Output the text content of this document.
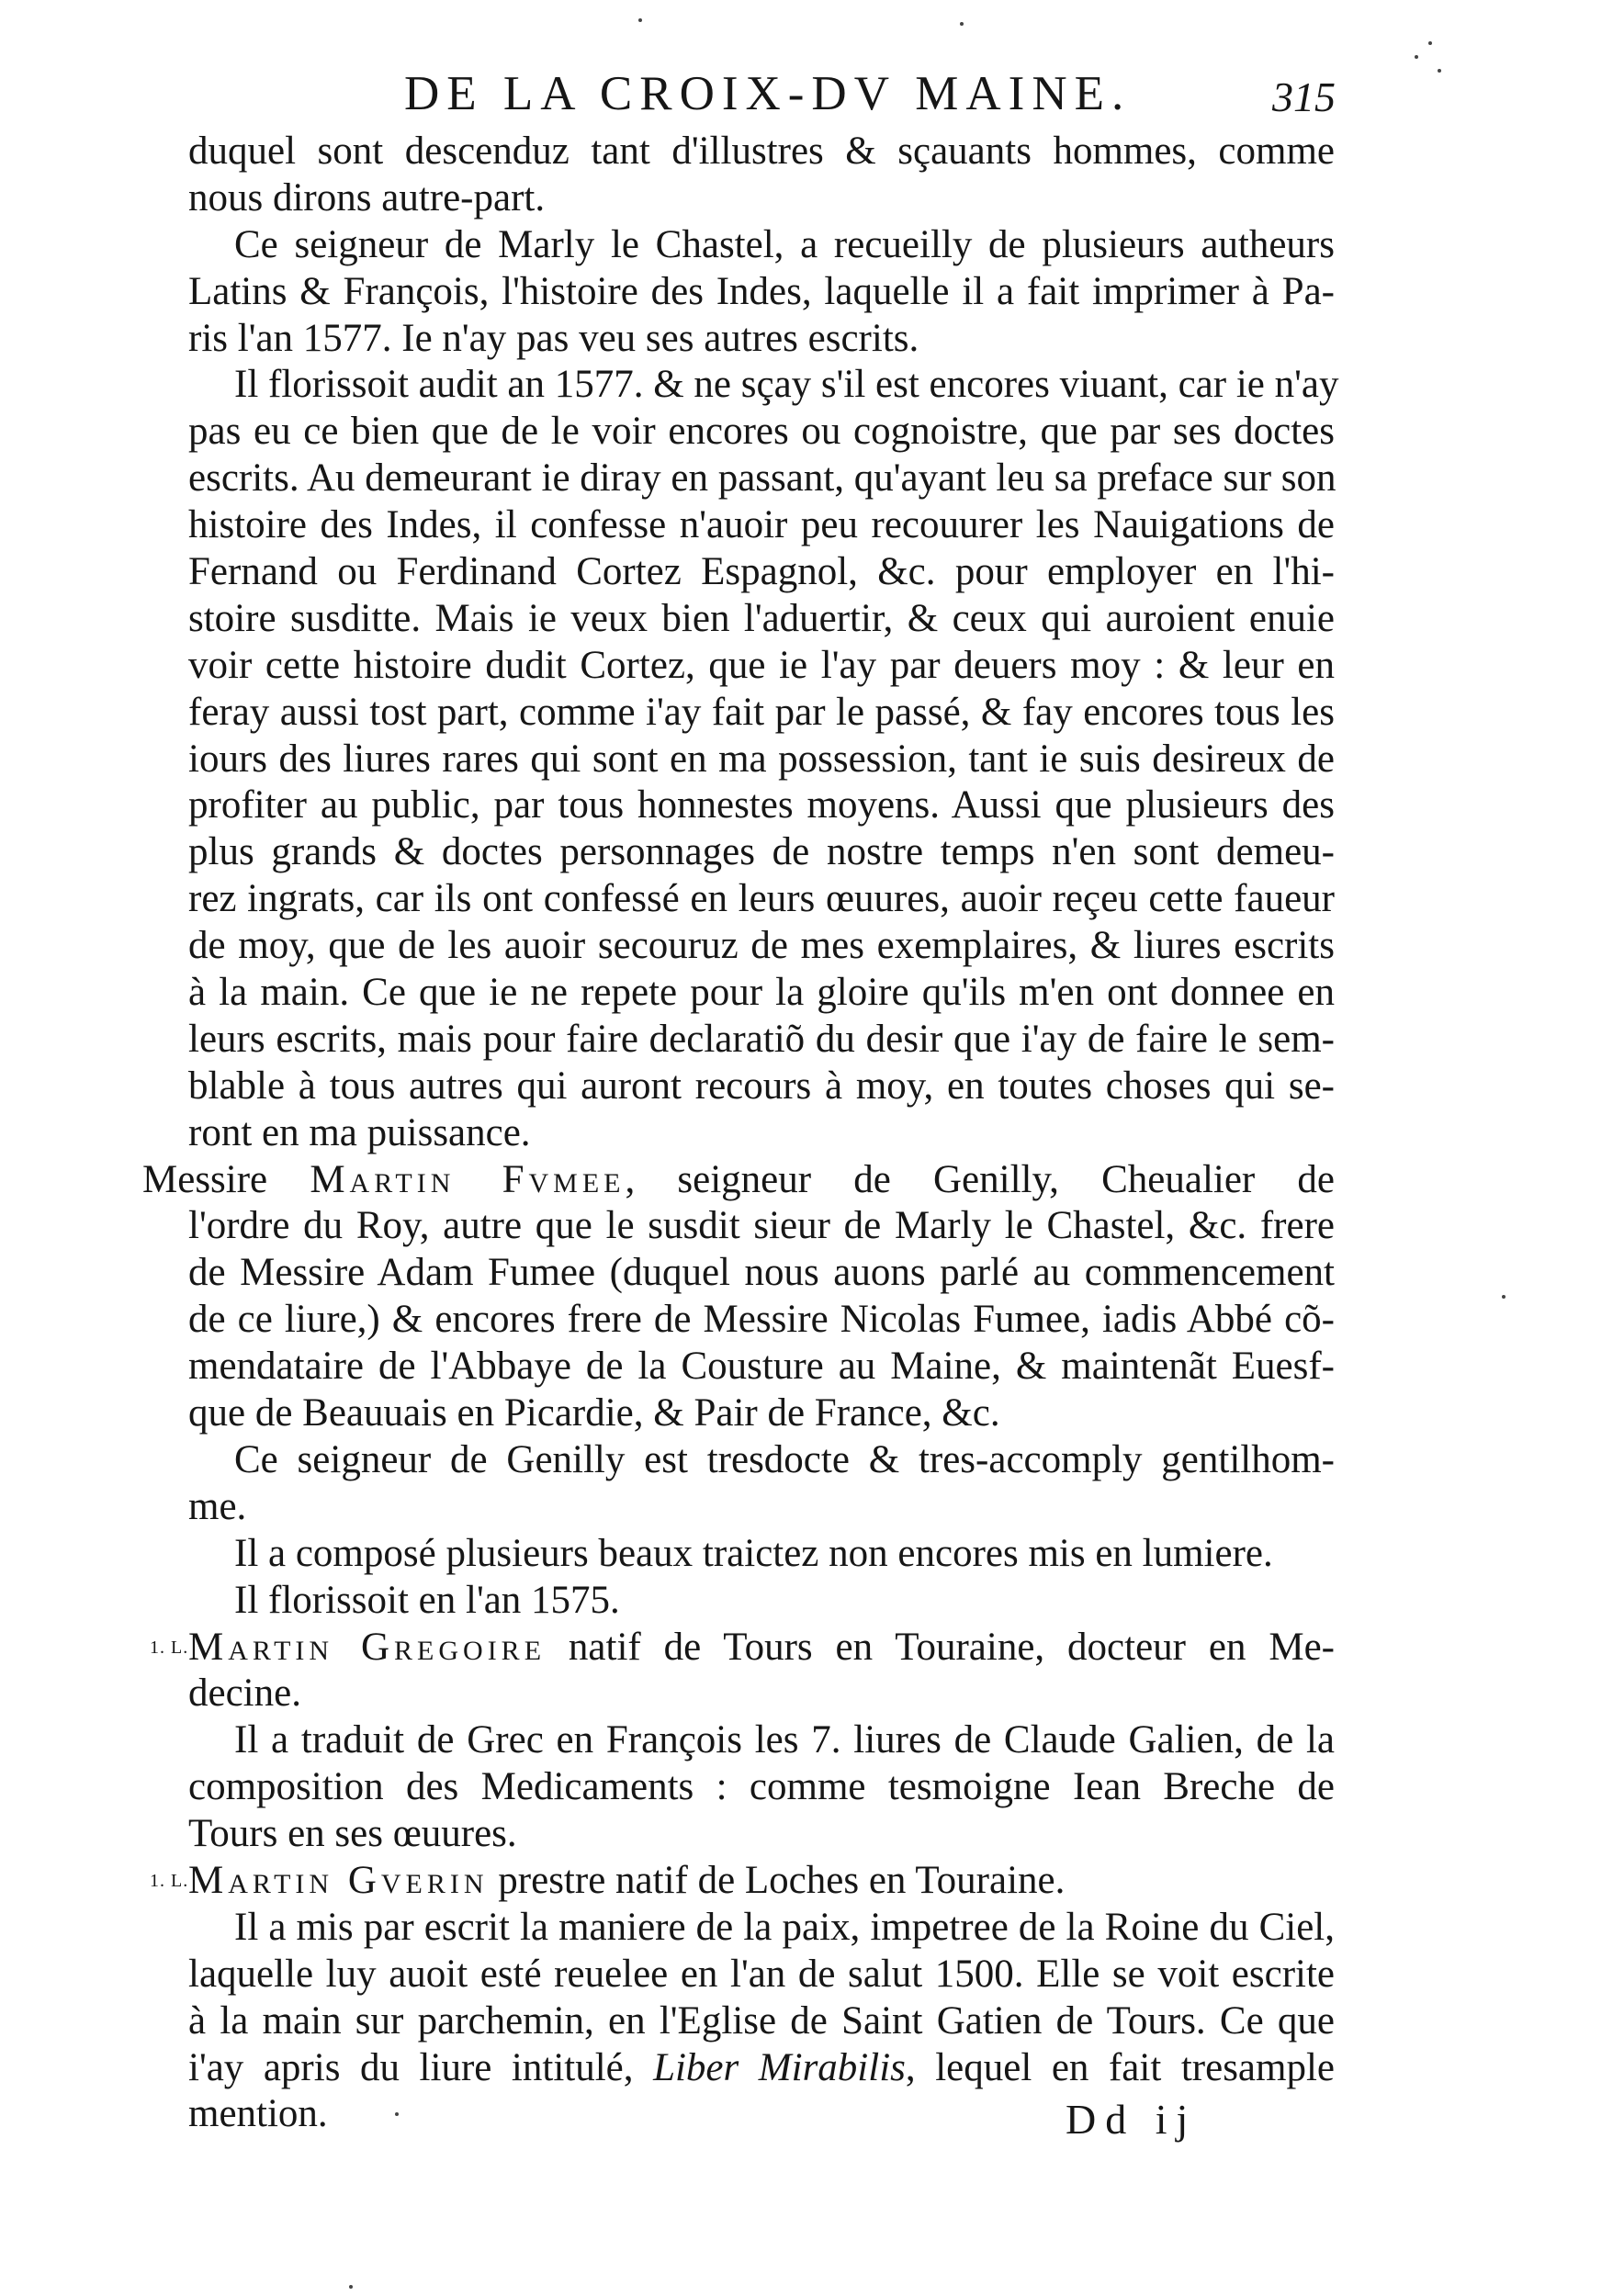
DE LA CROIX-DV MAINE.	315
duquel sont descenduz tant d'illustres & sçauants hommes, comme
nous dirons autre-part.
Ce seigneur de Marly le Chastel, a recueilly de plusieurs autheurs
Latins & François, l'histoire des Indes, laquelle il a fait imprimer à Pa-
ris l'an 1577. Ie n'ay pas veu ses autres escrits.
Il florissoit audit an 1577. & ne sçay s'il est encores viuant, car ie n'ay
pas eu ce bien que de le voir encores ou cognoistre, que par ses doctes
escrits. Au demeurant ie diray en passant, qu'ayant leu sa preface sur son
histoire des Indes, il confesse n'auoir peu recouurer les Nauigations de
Fernand ou Ferdinand Cortez Espagnol, &c. pour employer en l'hi-
stoire susditte. Mais ie veux bien l'aduertir, & ceux qui auroient enuie
voir cette histoire dudit Cortez, que ie l'ay par deuers moy : & leur en
feray aussi tost part, comme i'ay fait par le passé, & fay encores tous les
iours des liures rares qui sont en ma possession, tant ie suis desireux de
profiter au public, par tous honnestes moyens. Aussi que plusieurs des
plus grands & doctes personnages de nostre temps n'en sont demeu-
rez ingrats, car ils ont confessé en leurs œuures, auoir reçeu cette faueur
de moy, que de les auoir secouruz de mes exemplaires, & liures escrits
à la main. Ce que ie ne repete pour la gloire qu'ils m'en ont donnee en
leurs escrits, mais pour faire declaratiõ du desir que i'ay de faire le sem-
blable à tous autres qui auront recours à moy, en toutes choses qui se-
ront en ma puissance.
Messire Martin Fvmee, seigneur de Genilly, Cheualier de
l'ordre du Roy, autre que le susdit sieur de Marly le Chastel, &c. frere
de Messire Adam Fumee (duquel nous auons parlé au commencement
de ce liure,) & encores frere de Messire Nicolas Fumee, iadis Abbé cõ-
mendataire de l'Abbaye de la Cousture au Maine, & maintenãt Euesf-
que de Beauuais en Picardie, & Pair de France, &c.
Ce seigneur de Genilly est tresdocte & tres-accomply gentilhom-
me.
Il a composé plusieurs beaux traictez non encores mis en lumiere.
Il florissoit en l'an 1575.
1. L. Martin Gregoire natif de Tours en Touraine, docteur en Me-
decine.
Il a traduit de Grec en François les 7. liures de Claude Galien, de la
composition des Medicaments : comme tesmoigne Iean Breche de
Tours en ses œuures.
1. L. Martin Gverin prestre natif de Loches en Touraine.
Il a mis par escrit la maniere de la paix, impetree de la Roine du Ciel,
laquelle luy auoit esté reuelee en l'an de salut 1500. Elle se voit escrite
à la main sur parchemin, en l'Eglise de Saint Gatien de Tours. Ce que
i'ay apris du liure intitulé, Liber Mirabilis, lequel en fait tresample
mention.	Dd ij
